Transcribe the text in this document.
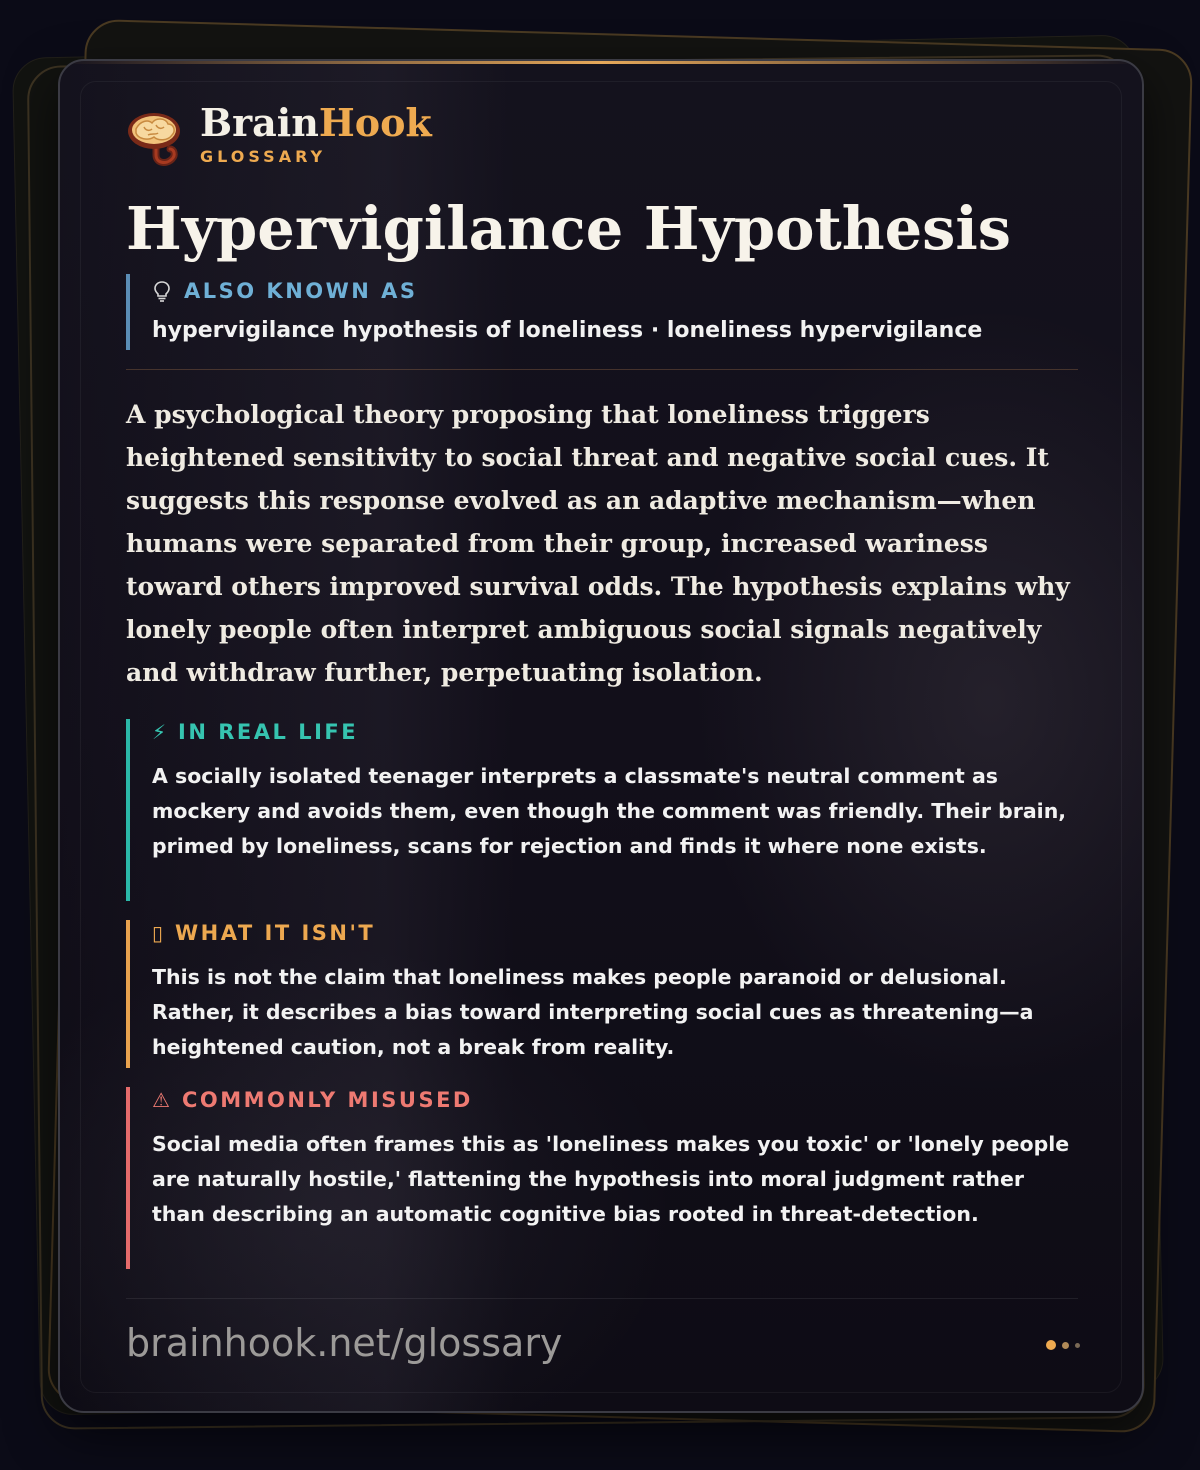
BrainHook
GLOSSARY
Hypervigilance Hypothesis
ALSO KNOWN AS
hypervigilance hypothesis of loneliness · loneliness hypervigilance

A psychological theory proposing that loneliness triggers heightened sensitivity to social threat and negative social cues. It suggests this response evolved as an adaptive mechanism—when humans were separated from their group, increased wariness toward others improved survival odds. The hypothesis explains why lonely people often interpret ambiguous social signals negatively and withdraw further, perpetuating isolation.

⚡ IN REAL LIFE
A socially isolated teenager interprets a classmate's neutral comment as mockery and avoids them, even though the comment was friendly. Their brain, primed by loneliness, scans for rejection and finds it where none exists.
▯ WHAT IT ISN'T
This is not the claim that loneliness makes people paranoid or delusional. Rather, it describes a bias toward interpreting social cues as threatening—a heightened caution, not a break from reality.
⚠ COMMONLY MISUSED
Social media often frames this as 'loneliness makes you toxic' or 'lonely people are naturally hostile,' flattening the hypothesis into moral judgment rather than describing an automatic cognitive bias rooted in threat-detection.
brainhook.net/glossary
